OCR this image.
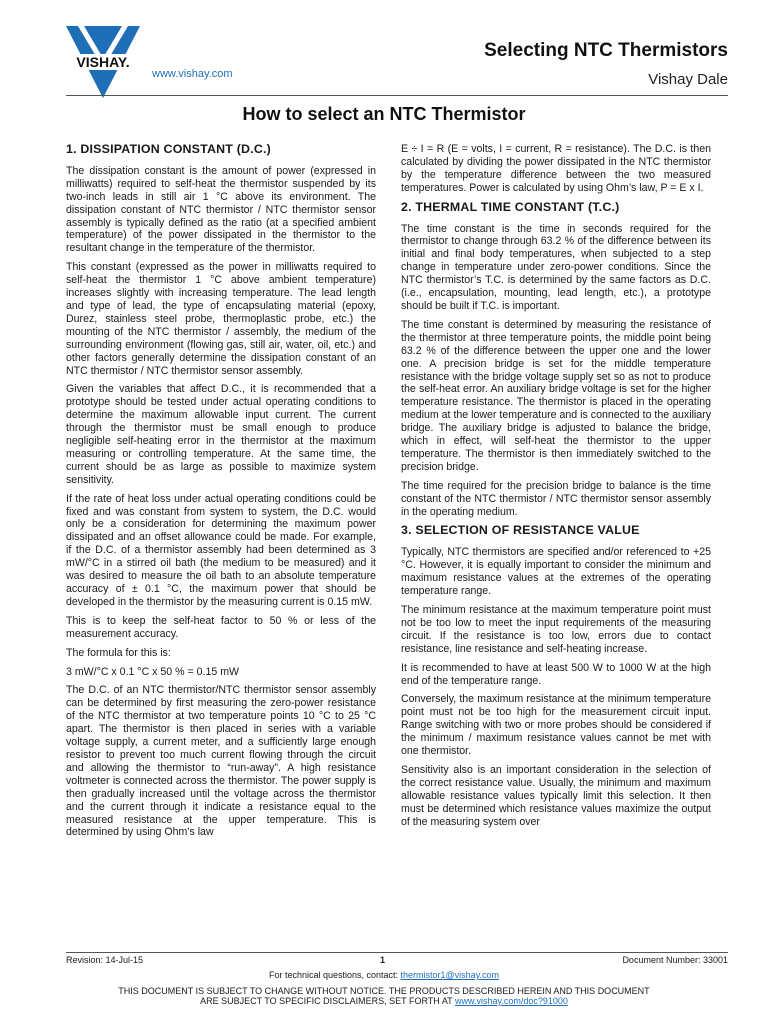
VISHAY.
www.vishay.com
Selecting NTC Thermistors
Vishay Dale
How to select an NTC Thermistor
1. DISSIPATION CONSTANT (D.C.)

The dissipation constant is the amount of power (expressed in milliwatts) required to self-heat the thermistor suspended by its two-inch leads in still air 1 °C above its environment. The dissipation constant of NTC thermistor / NTC thermistor sensor assembly is typically defined as the ratio (at a specified ambient temperature) of the power dissipated in the thermistor to the resultant change in the temperature of the thermistor.

This constant (expressed as the power in milliwatts required to self-heat the thermistor 1 °C above ambient temperature) increases slightly with increasing temperature. The lead length and type of lead, the type of encapsulating material (epoxy, Durez, stainless steel probe, thermoplastic probe, etc.) the mounting of the NTC thermistor / assembly, the medium of the surrounding environment (flowing gas, still air, water, oil, etc.) and other factors generally determine the dissipation constant of an NTC thermistor / NTC thermistor sensor assembly.

Given the variables that affect D.C., it is recommended that a prototype should be tested under actual operating conditions to determine the maximum allowable input current. The current through the thermistor must be small enough to produce negligible self-heating error in the thermistor at the maximum measuring or controlling temperature. At the same time, the current should be as large as possible to maximize system sensitivity.

If the rate of heat loss under actual operating conditions could be fixed and was constant from system to system, the D.C. would only be a consideration for determining the maximum power dissipated and an offset allowance could be made. For example, if the D.C. of a thermistor assembly had been determined as 3 mW/°C in a stirred oil bath (the medium to be measured) and it was desired to measure the oil bath to an absolute temperature accuracy of ± 0.1 °C, the maximum power that should be developed in the thermistor by the measuring current is 0.15 mW.

This is to keep the self-heat factor to 50 % or less of the measurement accuracy.

The formula for this is:

3 mW/°C x 0.1 °C x 50 % = 0.15 mW

The D.C. of an NTC thermistor/NTC thermistor sensor assembly can be determined by first measuring the zero-power resistance of the NTC thermistor at two temperature points 10 °C to 25 °C apart. The thermistor is then placed in series with a variable voltage supply, a current meter, and a sufficiently large enough resistor to prevent too much current flowing through the circuit and allowing the thermistor to “run-away”. A high resistance voltmeter is connected across the thermistor. The power supply is then gradually increased until the voltage across the thermistor and the current through it indicate a resistance equal to the measured resistance at the upper temperature. This is determined by using Ohm’s law

E ÷ I = R (E = volts, I = current, R = resistance). The D.C. is then calculated by dividing the power dissipated in the NTC thermistor by the temperature difference between the two measured temperatures. Power is calculated by using Ohm’s law, P = E x I.

2. THERMAL TIME CONSTANT (T.C.)

The time constant is the time in seconds required for the thermistor to change through 63.2 % of the difference between its initial and final body temperatures, when subjected to a step change in temperature under zero-power conditions. Since the NTC thermistor’s T.C. is determined by the same factors as D.C. (i.e., encapsulation, mounting, lead length, etc.), a prototype should be built if T.C. is important.

The time constant is determined by measuring the resistance of the thermistor at three temperature points, the middle point being 63.2 % of the difference between the upper one and the lower one. A precision bridge is set for the middle temperature resistance with the bridge voltage supply set so as not to produce the self-heat error. An auxiliary bridge voltage is set for the higher temperature resistance. The thermistor is placed in the operating medium at the lower temperature and is connected to the auxiliary bridge. The auxiliary bridge is adjusted to balance the bridge, which in effect, will self-heat the thermistor to the upper temperature. The thermistor is then immediately switched to the precision bridge.

The time required for the precision bridge to balance is the time constant of the NTC thermistor / NTC thermistor sensor assembly in the operating medium.

3. SELECTION OF RESISTANCE VALUE

Typically, NTC thermistors are specified and/or referenced to +25 °C. However, it is equally important to consider the minimum and maximum resistance values at the extremes of the operating temperature range.

The minimum resistance at the maximum temperature point must not be too low to meet the input requirements of the measuring circuit. If the resistance is too low, errors due to contact resistance, line resistance and self-heating increase.

It is recommended to have at least 500 W to 1000 W at the high end of the temperature range.

Conversely, the maximum resistance at the minimum temperature point must not be too high for the measurement circuit input. Range switching with two or more probes should be considered if the minimum / maximum resistance values cannot be met with one thermistor.

Sensitivity also is an important consideration in the selection of the correct resistance value. Usually, the minimum and maximum allowable resistance values typically limit this selection. It then must be determined which resistance values maximize the output of the measuring system over

Revision: 14-Jul-15	1	Document Number: 33001
For technical questions, contact: thermistor1@vishay.com
THIS DOCUMENT IS SUBJECT TO CHANGE WITHOUT NOTICE. THE PRODUCTS DESCRIBED HEREIN AND THIS DOCUMENT
ARE SUBJECT TO SPECIFIC DISCLAIMERS, SET FORTH AT www.vishay.com/doc?91000
